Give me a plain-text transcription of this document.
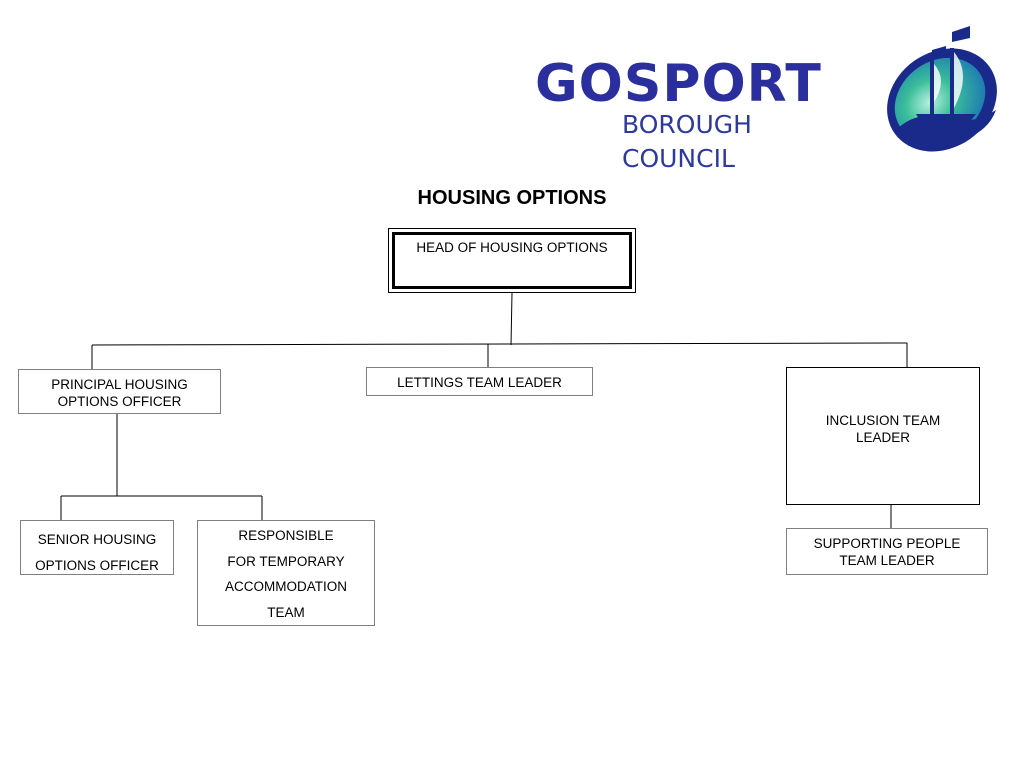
GOSPORT
BOROUGH COUNCIL
HOUSING OPTIONS
HEAD OF HOUSING OPTIONS
PRINCIPAL HOUSING
OPTIONS OFFICER
LETTINGS TEAM LEADER
INCLUSION TEAM
LEADER
SENIOR HOUSING
OPTIONS OFFICER
RESPONSIBLE
FOR TEMPORARY
ACCOMMODATION
TEAM
SUPPORTING PEOPLE
TEAM LEADER
